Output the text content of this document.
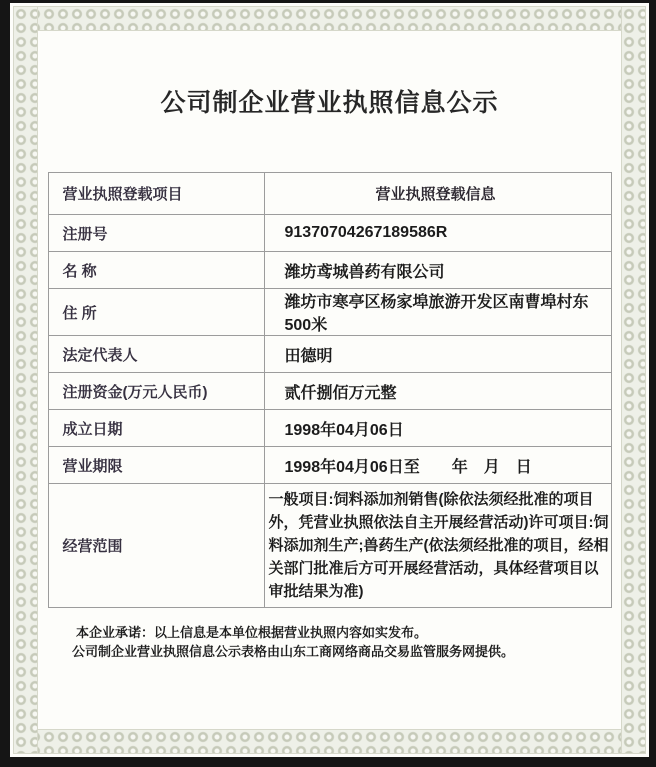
公司制企业营业执照信息公示
营业执照登载项目	营业执照登载信息
注册号	91370704267189586R
名 称	潍坊鸢城兽药有限公司
住 所	潍坊市寒亭区杨家埠旅游开发区南曹埠村东500米
法定代表人	田德明
注册资金(万元人民币)	贰仟捌佰万元整
成立日期	1998年04月06日
营业期限	1998年04月06日至　　年　月　日
经营范围	一般项目:饲料添加剂销售(除依法须经批准的项目外，凭营业执照依法自主开展经营活动)许可项目:饲料添加剂生产;兽药生产(依法须经批准的项目，经相关部门批准后方可开展经营活动，具体经营项目以审批结果为准)
本企业承诺：以上信息是本单位根据营业执照内容如实发布。
公司制企业营业执照信息公示表格由山东工商网络商品交易监管服务网提供。
